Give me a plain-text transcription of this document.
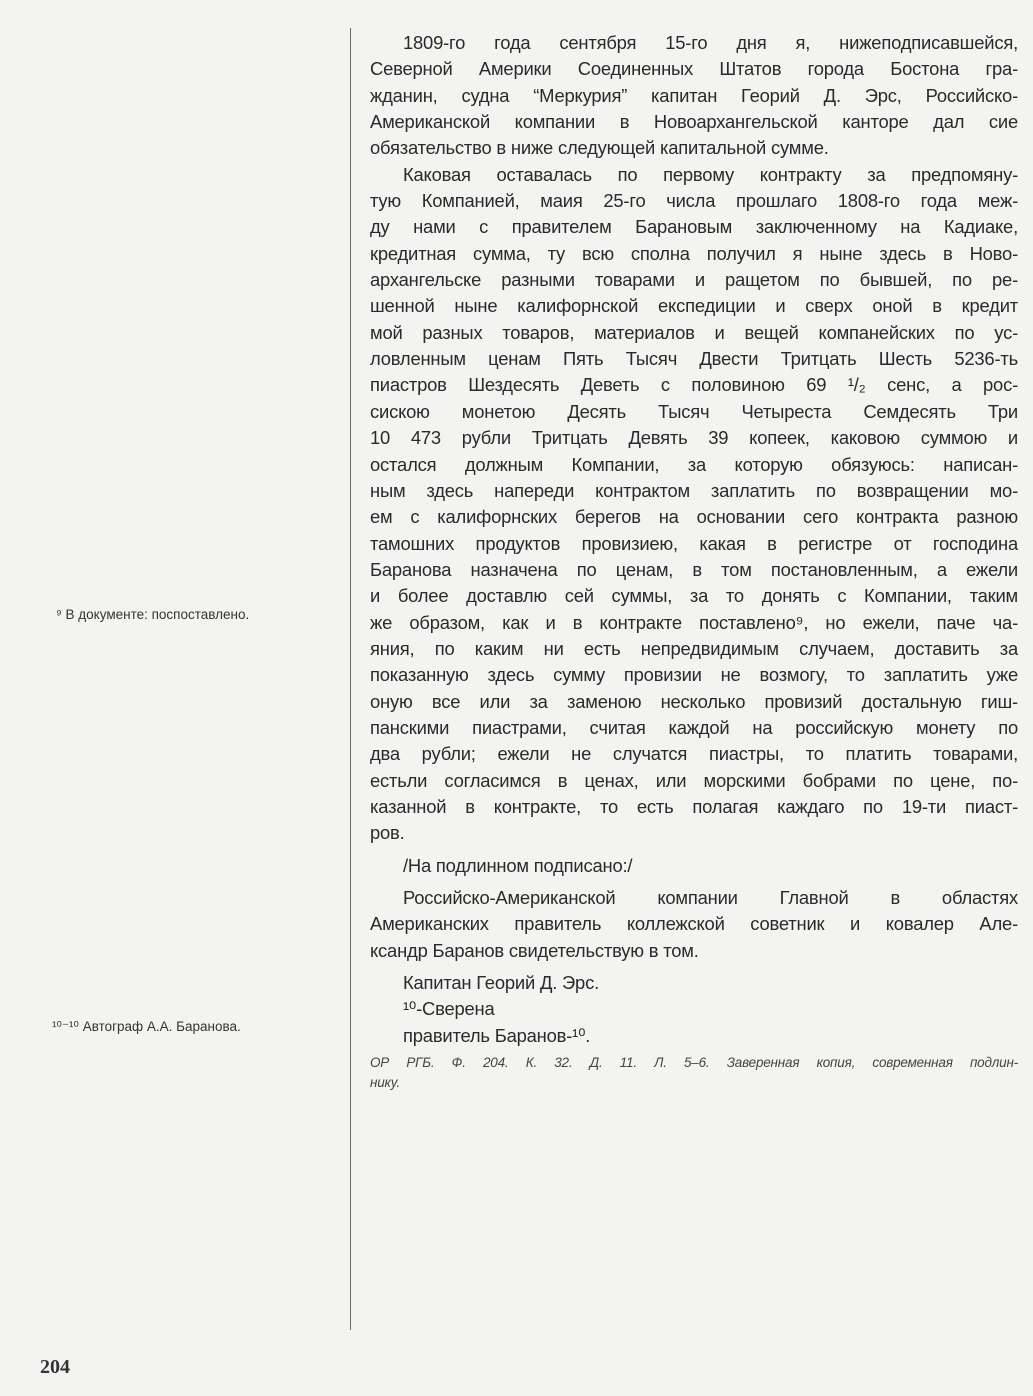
1809-го года сентября 15-го дня я, нижеподписавшейся,
Северной Америки Соединенных Штатов города Бостона гра-
жданин, судна “Меркурия” капитан Георий Д. Эрс, Российско-
Американской компании в Новоархангельской канторе дал сие
обязательство в ниже следующей капитальной сумме.
Каковая оставалась по первому контракту за предпомяну-
тую Компанией, маия 25-го числа прошлаго 1808-го года меж-
ду нами с правителем Барановым заключенному на Кадиаке,
кредитная сумма, ту всю сполна получил я ныне здесь в Ново-
архангельске разными товарами и ращетом по бывшей, по ре-
шенной ныне калифорнской експедиции и сверх оной в кредит
мой разных товаров, материалов и вещей компанейских по ус-
ловленным ценам Пять Тысяч Двести Тритцать Шесть 5236-ть
пиастров Шездесять Деветь с половиною 69 ¹/₂ сенс, а рос-
сискою монетою Десять Тысяч Четыреста Семдесять Три
10 473 рубли Тритцать Девять 39 копеек, каковою суммою и
остался должным Компании, за которую обязуюсь: написан-
ным здесь напереди контрактом заплатить по возвращении мо-
ем с калифорнских берегов на основании сего контракта разною
тамошних продуктов провизиею, какая в регистре от господина
Баранова назначена по ценам, в том постановленным, а ежели
и более доставлю сей суммы, за то донять с Компании, таким
же образом, как и в контракте поставлено⁹, но ежели, паче ча-
яния, по каким ни есть непредвидимым случаем, доставить за
показанную здесь сумму провизии не возмогу, то заплатить уже
оную все или за заменою несколько провизий достальную гиш-
панскими пиастрами, считая каждой на российскую монету по
два рубли; ежели не случатся пиастры, то платить товарами,
естьли согласимся в ценах, или морскими бобрами по цене, по-
казанной в контракте, то есть полагая каждаго по 19-ти пиаст-
ров.
/На подлинном подписано:/
Российско-Американской компании Главной в областях
Американских правитель коллежской советник и ковалер Але-
ксандр Баранов свидетельствую в том.
Капитан Георий Д. Эрс.
¹⁰-Сверена
правитель Баранов-¹⁰.
ОР РГБ. Ф. 204. К. 32. Д. 11. Л. 5–6. Заверенная копия, современная подлин-
нику.
⁹ В документе: поспоставлено.
¹⁰⁻¹⁰ Автограф А.А. Баранова.
204
